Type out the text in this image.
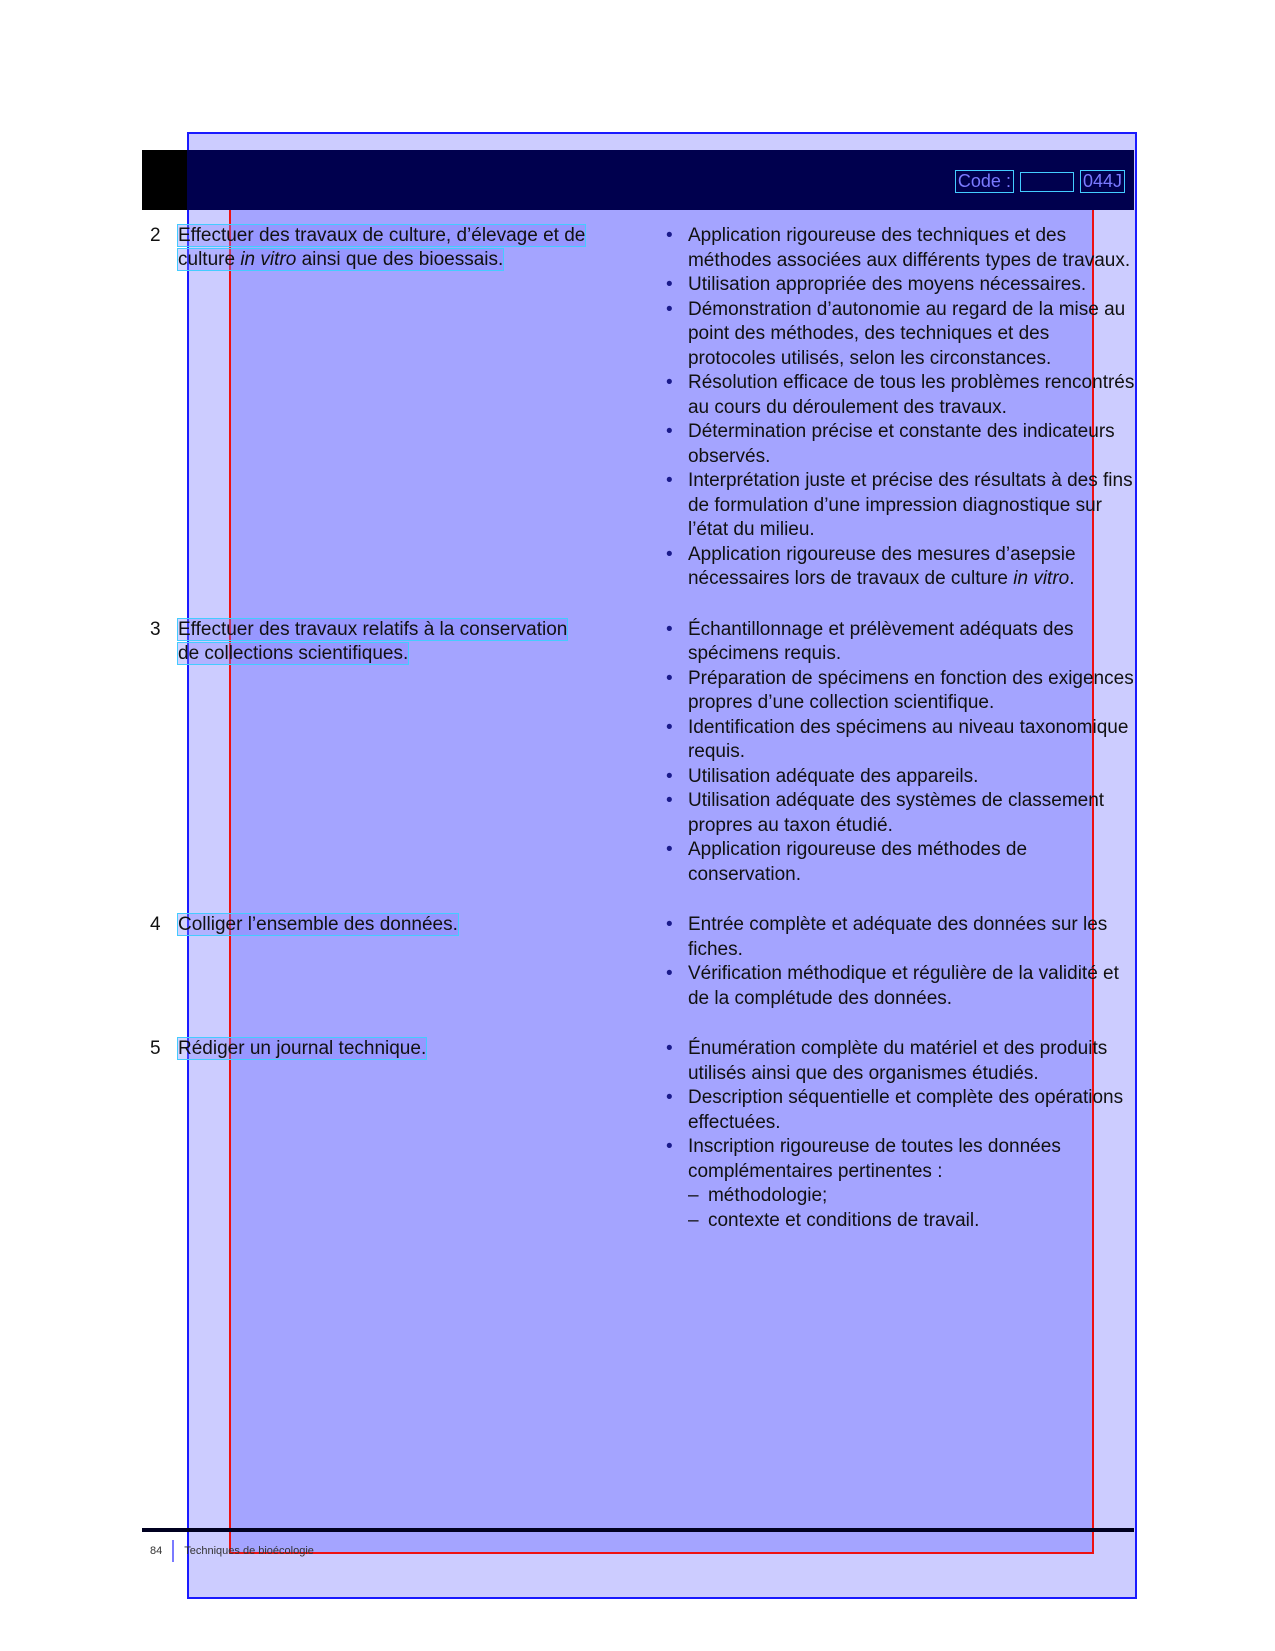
Code :	044J
2 Effectuer des travaux de culture, d’élevage et de
culture in vitro ainsi que des bioessais.
• Application rigoureuse des techniques et des méthodes associées aux différents types de travaux.
• Utilisation appropriée des moyens nécessaires.
• Démonstration d’autonomie au regard de la mise au point des méthodes, des techniques et des protocoles utilisés, selon les circonstances.
• Résolution efficace de tous les problèmes rencontrés au cours du déroulement des travaux.
• Détermination précise et constante des indicateurs observés.
• Interprétation juste et précise des résultats à des fins de formulation d’une impression diagnostique sur l’état du milieu.
• Application rigoureuse des mesures d’asepsie nécessaires lors de travaux de culture in vitro.
3 Effectuer des travaux relatifs à la conservation
de collections scientifiques.
• Échantillonnage et prélèvement adéquats des spécimens requis.
• Préparation de spécimens en fonction des exigences propres d’une collection scientifique.
• Identification des spécimens au niveau taxonomique requis.
• Utilisation adéquate des appareils.
• Utilisation adéquate des systèmes de classement propres au taxon étudié.
• Application rigoureuse des méthodes de conservation.
4 Colliger l’ensemble des données.	• Entrée complète et adéquate des données sur les fiches.
• Vérification méthodique et régulière de la validité et de la complétude des données.
5 Rédiger un journal technique.	• Énumération complète du matériel et des produits utilisés ainsi que des organismes étudiés.
• Description séquentielle et complète des opérations effectuées.
• Inscription rigoureuse de toutes les données complémentaires pertinentes :
– méthodologie;
– contexte et conditions de travail.
84 Techniques de bioécologie
